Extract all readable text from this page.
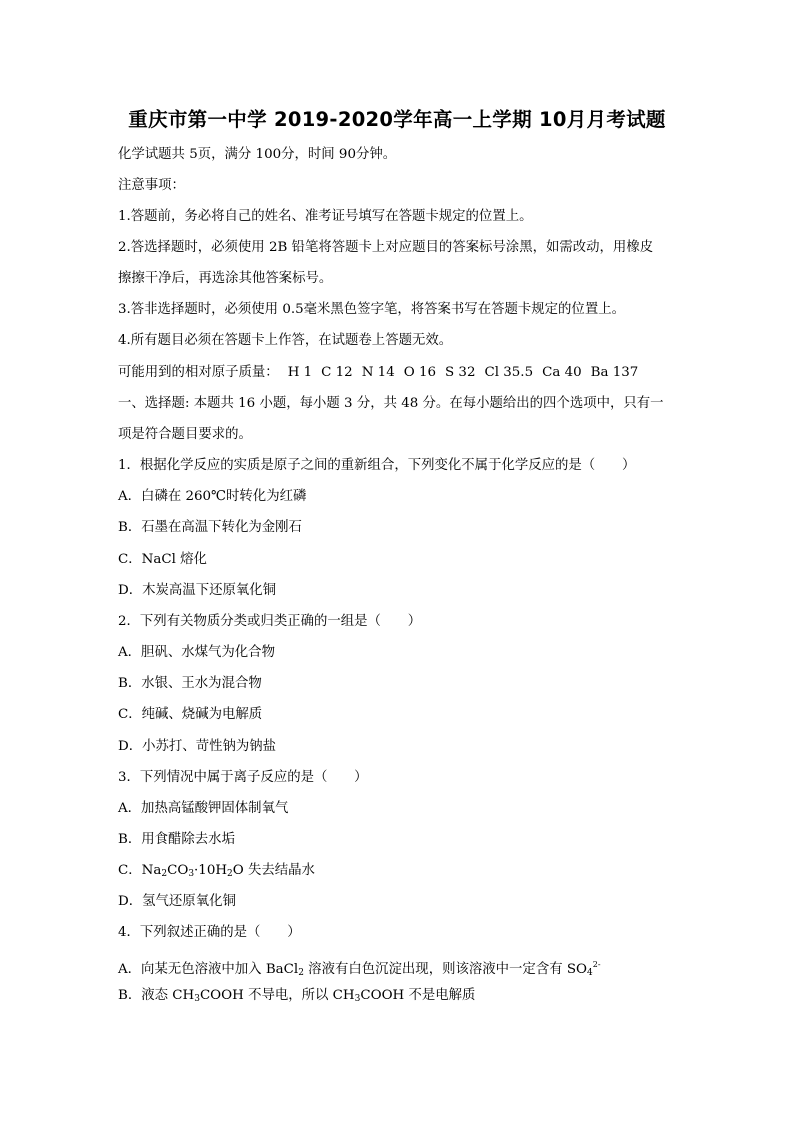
重庆市第一中学 2019-2020学年高一上学期 10月月考试题
化学试题共 5页，满分 100分，时间 90分钟。
注意事项：
1.答题前，务必将自己的姓名、准考证号填写在答题卡规定的位置上。
2.答选择题时，必须使用 2B 铅笔将答题卡上对应题目的答案标号涂黑，如需改动，用橡皮
擦擦干净后，再选涂其他答案标号。
3.答非选择题时，必须使用 0.5毫米黑色签字笔，将答案书写在答题卡规定的位置上。
4.所有题目必须在答题卡上作答，在试题卷上答题无效。
可能用到的相对原子质量： H 1 C 12 N 14 O 16 S 32 Cl 35.5 Ca 40 Ba 137
一、选择题: 本题共 16 小题，每小题 3 分，共 48 分。在每小题给出的四个选项中，只有一
项是符合题目要求的。
1．根据化学反应的实质是原子之间的重新组合，下列变化不属于化学反应的是（　　）
A．白磷在 260℃时转化为红磷
B．石墨在高温下转化为金刚石
C．NaCl 熔化
D．木炭高温下还原氧化铜
2．下列有关物质分类或归类正确的一组是（　　）
A．胆矾、水煤气为化合物
B．水银、王水为混合物
C．纯碱、烧碱为电解质
D．小苏打、苛性钠为钠盐
3．下列情况中属于离子反应的是（　　）
A．加热高锰酸钾固体制氧气
B．用食醋除去水垢
C．$Na_2CO_3\cdot 10H_2O$ 失去结晶水
D．氢气还原氧化铜
4．下列叙述正确的是（　　）
A．向某无色溶液中加入 BaCl$_2$ 溶液有白色沉淀出现，则该溶液中一定含有 $SO_4^{2-}$
B．液态 $CH_3COOH$ 不导电，所以 $CH_3COOH$ 不是电解质
